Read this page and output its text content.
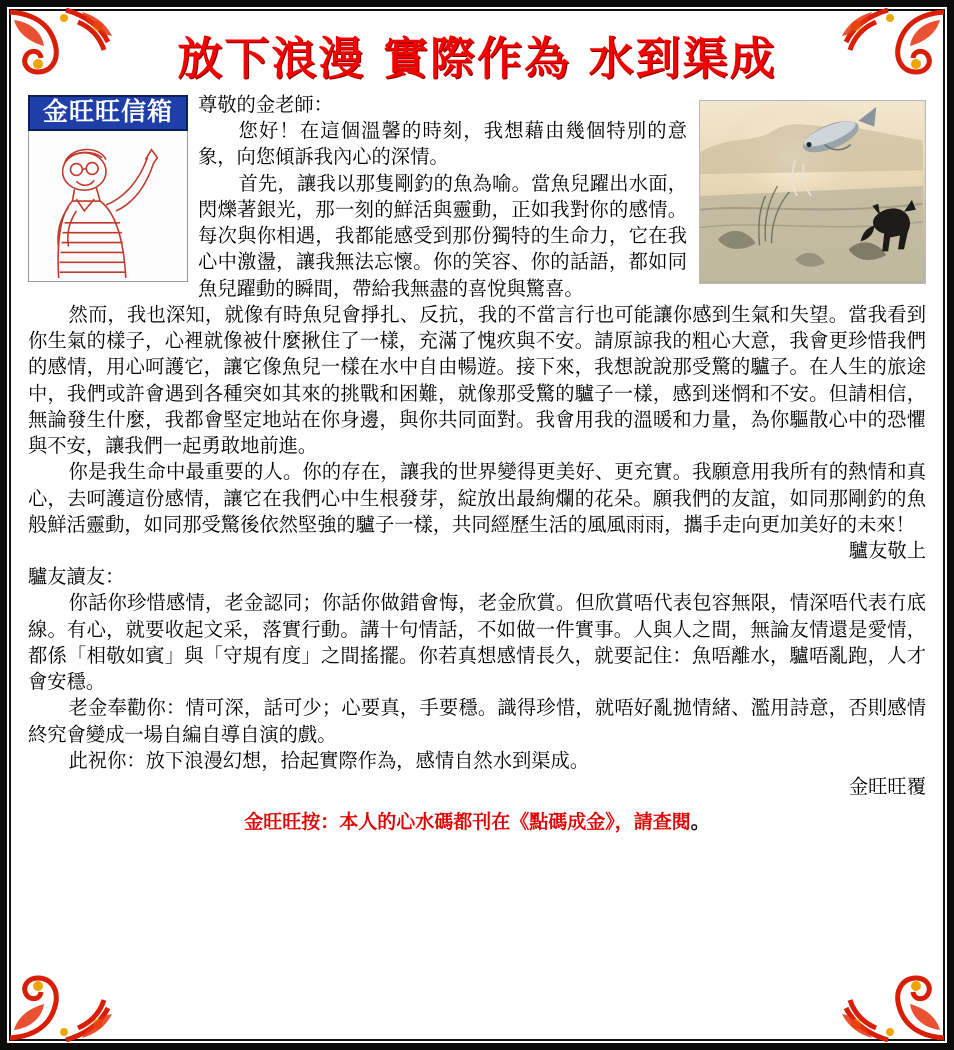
放下浪漫 實際作為 水到渠成
金旺旺信箱	尊敬的金老師：

您好！在這個溫馨的時刻，我想藉由幾個特別的意象，向您傾訴我內心的深情。

首先，讓我以那隻剛釣的魚為喻。當魚兒躍出水面，閃爍著銀光，那一刻的鮮活與靈動，正如我對你的感情。每次與你相遇，我都能感受到那份獨特的生命力，它在我心中激盪，讓我無法忘懷。你的笑容、你的話語，都如同魚兒躍動的瞬間，帶給我無盡的喜悅與驚喜。

然而，我也深知，就像有時魚兒會掙扎、反抗，我的不當言行也可能讓你感到生氣和失望。當我看到你生氣的樣子，心裡就像被什麼揪住了一樣，充滿了愧疚與不安。請原諒我的粗心大意，我會更珍惜我們的感情，用心呵護它，讓它像魚兒一樣在水中自由暢遊。接下來，我想說說那受驚的驢子。在人生的旅途中，我們或許會遇到各種突如其來的挑戰和困難，就像那受驚的驢子一樣，感到迷惘和不安。但請相信，無論發生什麼，我都會堅定地站在你身邊，與你共同面對。我會用我的溫暖和力量，為你驅散心中的恐懼與不安，讓我們一起勇敢地前進。

你是我生命中最重要的人。你的存在，讓我的世界變得更美好、更充實。我願意用我所有的熱情和真心，去呵護這份感情，讓它在我們心中生根發芽，綻放出最絢爛的花朵。願我們的友誼，如同那剛釣的魚般鮮活靈動，如同那受驚後依然堅強的驢子一樣，共同經歷生活的風風雨雨，攜手走向更加美好的未來！

驢友敬上

驢友讀友：

你話你珍惜感情，老金認同；你話你做錯會悔，老金欣賞。但欣賞唔代表包容無限，情深唔代表冇底線。有心，就要收起文采，落實行動。講十句情話，不如做一件實事。人與人之間，無論友情還是愛情，都係「相敬如賓」與「守規有度」之間搖擺。你若真想感情長久，就要記住：魚唔離水，驢唔亂跑，人才會安穩。

老金奉勸你：情可深，話可少；心要真，手要穩。識得珍惜，就唔好亂拋情緒、濫用詩意，否則感情終究會變成一場自編自導自演的戲。

此祝你：放下浪漫幻想，拾起實際作為，感情自然水到渠成。

金旺旺覆

金旺旺按：本人的心水碼都刊在《點碼成金》，請查閱。
